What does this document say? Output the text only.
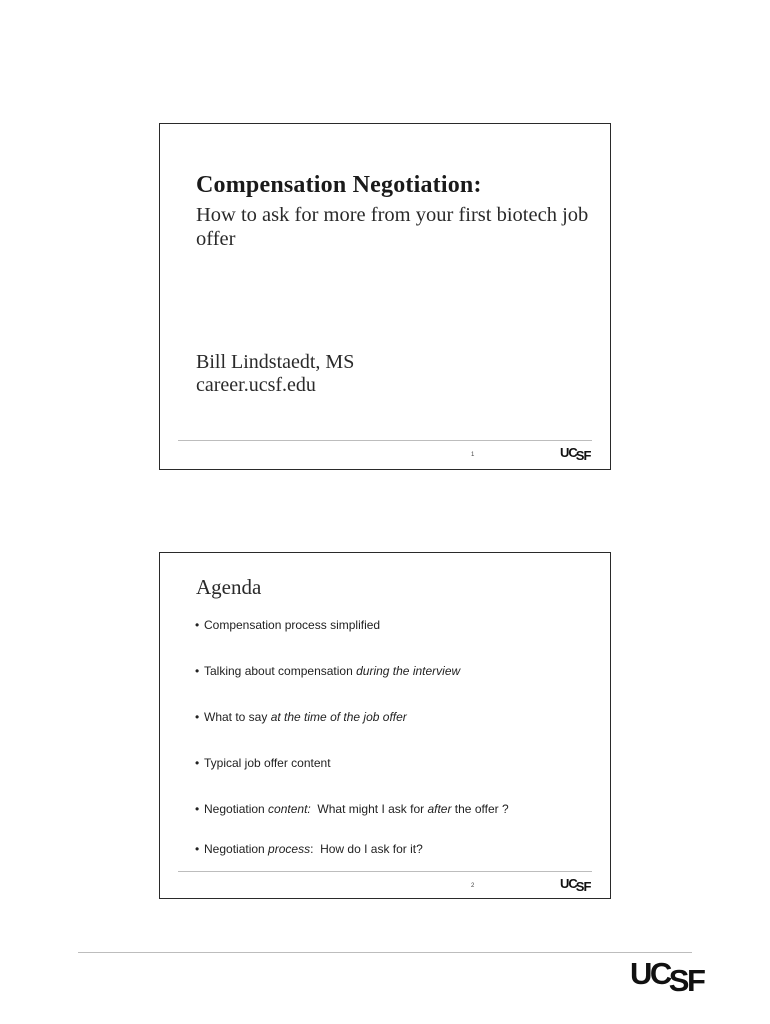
Compensation Negotiation:

How to ask for more from your first biotech job offer

Bill Lindstaedt, MS
career.ucsf.edu
1	UCSF
Agenda
• Compensation process simplified
• Talking about compensation during the interview
• What to say at the time of the job offer
• Typical job offer content
• Negotiation content:  What might I ask for after the offer ?
• Negotiation process:  How do I ask for it?
2	UCSF
UCSF
